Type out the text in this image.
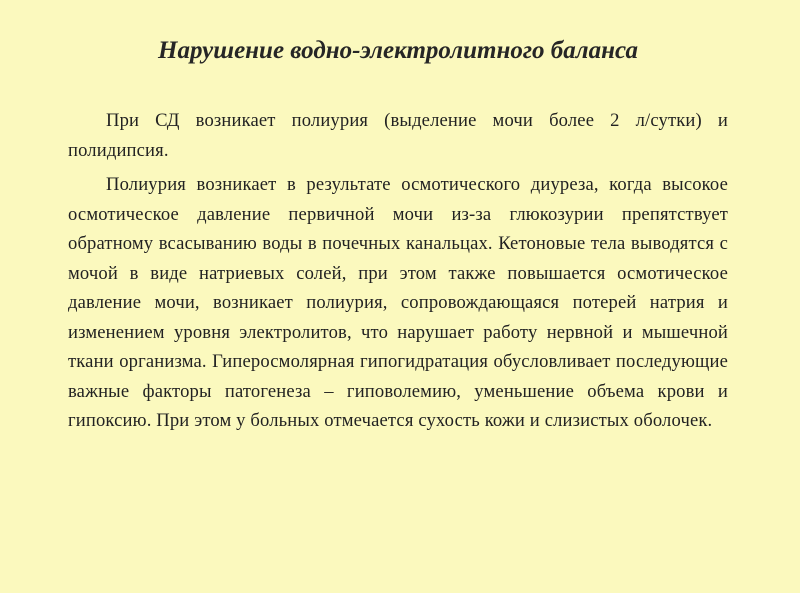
Нарушение водно-электролитного баланса

При СД возникает полиурия (выделение мочи более 2 л/сутки) и полидипсия.

Полиурия возникает в результате осмотического диуреза, когда высокое осмотическое давление первичной мочи из-за глюкозурии препятствует обратному всасыванию воды в почечных канальцах. Кетоновые тела выводятся с мочой в виде натриевых солей, при этом также повышается осмотическое давление мочи, возникает полиурия, сопровождающаяся потерей натрия и изменением уровня электролитов, что нарушает работу нервной и мышечной ткани организма. Гиперосмолярная гипогидратация обусловливает последующие важные факторы патогенеза – гиповолемию, уменьшение объема крови и гипоксию. При этом у больных отмечается сухость кожи и слизистых оболочек.
